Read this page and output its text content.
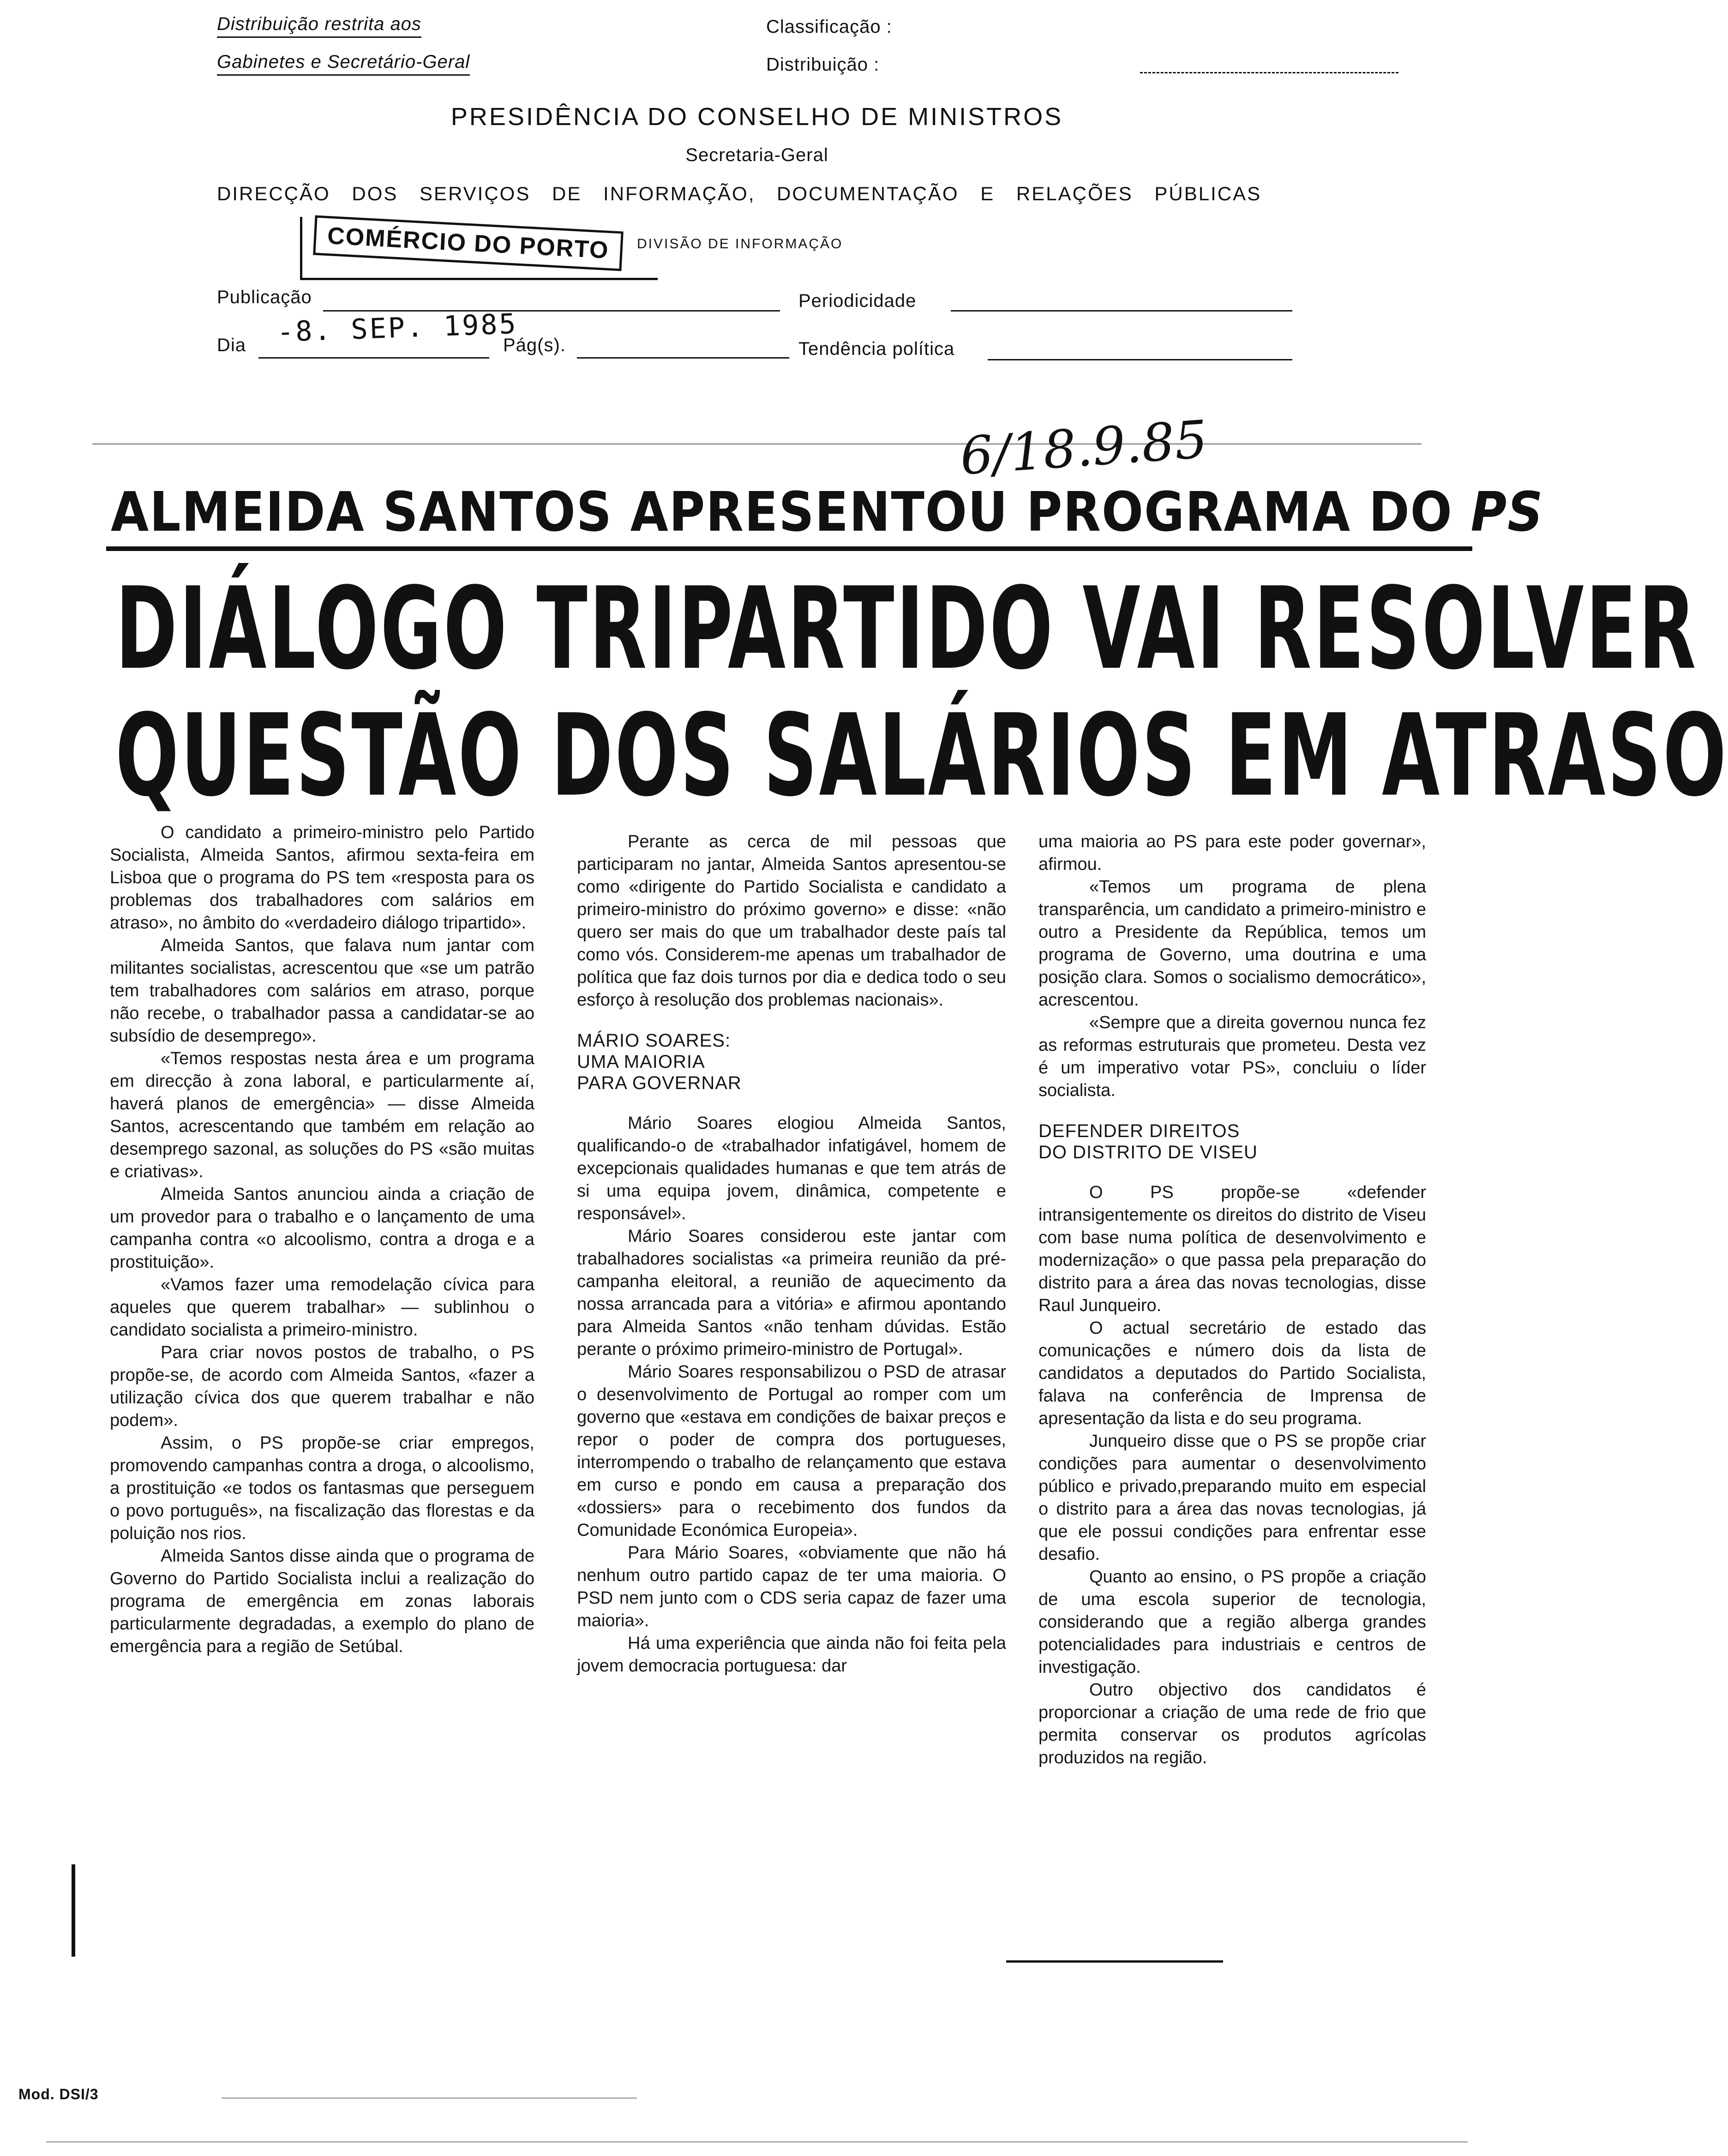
Distribuição restrita aos
Gabinetes e Secretário-Geral
Classificação :
Distribuição :
PRESIDÊNCIA DO CONSELHO DE MINISTROS
Secretaria-Geral
DIRECÇÃO DOS SERVIÇOS DE INFORMAÇÃO, DOCUMENTAÇÃO E RELAÇÕES PÚBLICAS
COMÉRCIO DO PORTO	DIVISÃO DE INFORMAÇÃO
Publicação	Periodicidade
Dia -8. SEP. 1985
Pág(s).	Tendência política
6/18.9.85
ALMEIDA SANTOS APRESENTOU PROGRAMA DO PS
DIÁLOGO TRIPARTIDO VAI RESOLVER
QUESTÃO DOS SALÁRIOS EM ATRASO

O candidato a primeiro-ministro pelo Partido Socialista, Almeida Santos, afirmou sexta-feira em Lisboa que o programa do PS tem «resposta para os problemas dos trabalhadores com salários em atraso», no âmbito do «verdadeiro diálogo tripartido».

Almeida Santos, que falava num jantar com militantes socialistas, acrescentou que «se um patrão tem trabalhadores com salários em atraso, porque não recebe, o trabalhador passa a candidatar-se ao subsídio de desemprego».

«Temos respostas nesta área e um programa em direcção à zona laboral, e particularmente aí, haverá planos de emergência» — disse Almeida Santos, acrescentando que também em relação ao desemprego sazonal, as soluções do PS «são muitas e criativas».

Almeida Santos anunciou ainda a criação de um provedor para o trabalho e o lançamento de uma campanha contra «o alcoolismo, contra a droga e a prostituição».

«Vamos fazer uma remodelação cívica para aqueles que querem trabalhar» — sublinhou o candidato socialista a primeiro-ministro.

Para criar novos postos de trabalho, o PS propõe-se, de acordo com Almeida Santos, «fazer a utilização cívica dos que querem trabalhar e não podem».

Assim, o PS propõe-se criar empregos, promovendo campanhas contra a droga, o alcoolismo, a prostituição «e todos os fantasmas que perseguem o povo português», na fiscalização das florestas e da poluição nos rios.

Almeida Santos disse ainda que o programa de Governo do Partido Socialista inclui a realização do programa de emergência em zonas laborais particularmente degradadas, a exemplo do plano de emergência para a região de Setúbal.

Perante as cerca de mil pessoas que participaram no jantar, Almeida Santos apresentou-se como «dirigente do Partido Socialista e candidato a primeiro-ministro do próximo governo» e disse: «não quero ser mais do que um trabalhador deste país tal como vós. Considerem-me apenas um trabalhador de política que faz dois turnos por dia e dedica todo o seu esforço à resolução dos problemas nacionais».

MÁRIO SOARES:
UMA MAIORIA
PARA GOVERNAR

Mário Soares elogiou Almeida Santos, qualificando-o de «trabalhador infatigável, homem de excepcionais qualidades humanas e que tem atrás de si uma equipa jovem, dinâmica, competente e responsável».

Mário Soares considerou este jantar com trabalhadores socialistas «a primeira reunião da pré-campanha eleitoral, a reunião de aquecimento da nossa arrancada para a vitória» e afirmou apontando para Almeida Santos «não tenham dúvidas. Estão perante o próximo primeiro-ministro de Portugal».

Mário Soares responsabilizou o PSD de atrasar o desenvolvimento de Portugal ao romper com um governo que «estava em condições de baixar preços e repor o poder de compra dos portugueses, interrompendo o trabalho de relançamento que estava em curso e pondo em causa a preparação dos «dossiers» para o recebimento dos fundos da Comunidade Económica Europeia».

Para Mário Soares, «obviamente que não há nenhum outro partido capaz de ter uma maioria. O PSD nem junto com o CDS seria capaz de fazer uma maioria».

Há uma experiência que ainda não foi feita pela jovem democracia portuguesa: dar

uma maioria ao PS para este poder governar», afirmou.

«Temos um programa de plena transparência, um candidato a primeiro-ministro e outro a Presidente da República, temos um programa de Governo, uma doutrina e uma posição clara. Somos o socialismo democrático», acrescentou.

«Sempre que a direita governou nunca fez as reformas estruturais que prometeu. Desta vez é um imperativo votar PS», concluiu o líder socialista.

DEFENDER DIREITOS
DO DISTRITO DE VISEU

O PS propõe-se «defender intransigentemente os direitos do distrito de Viseu com base numa política de desenvolvimento e modernização» o que passa pela preparação do distrito para a área das novas tecnologias, disse Raul Junqueiro.

O actual secretário de estado das comunicações e número dois da lista de candidatos a deputados do Partido Socialista, falava na conferência de Imprensa de apresentação da lista e do seu programa.

Junqueiro disse que o PS se propõe criar condições para aumentar o desenvolvimento público e privado,preparando muito em especial o distrito para a área das novas tecnologias, já que ele possui condições para enfrentar esse desafio.

Quanto ao ensino, o PS propõe a criação de uma escola superior de tecnologia, considerando que a região alberga grandes potencialidades para industriais e centros de investigação.

Outro objectivo dos candidatos é proporcionar a criação de uma rede de frio que permita conservar os produtos agrícolas produzidos na região.

Mod. DSI/3
